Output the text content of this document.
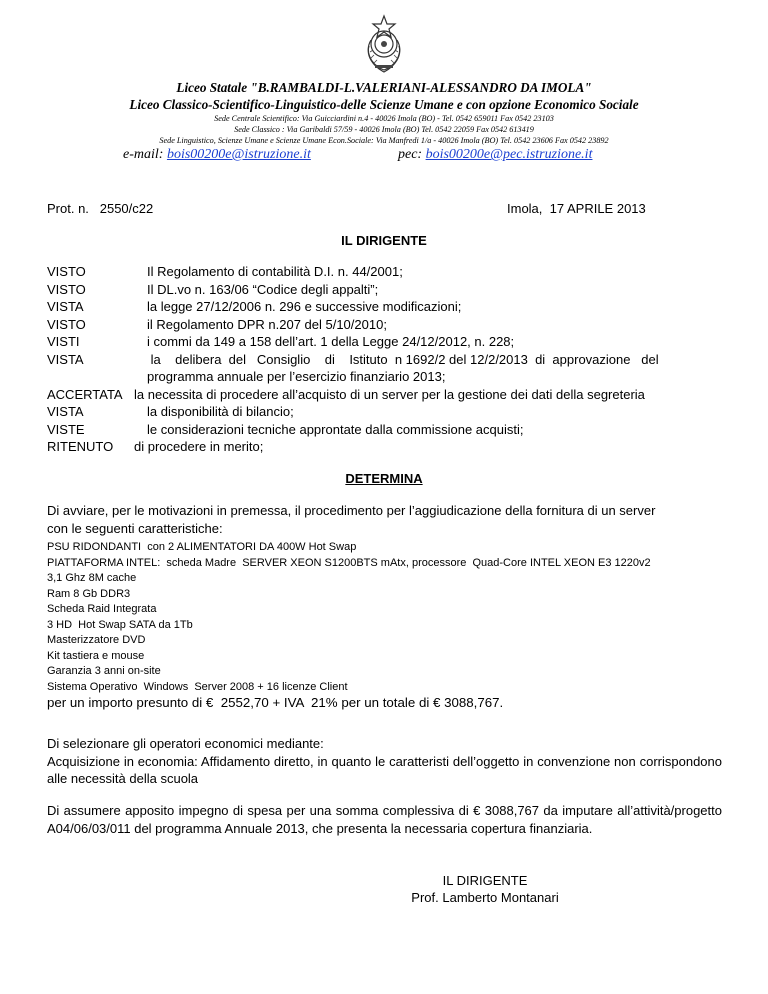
Liceo Statale "B.RAMBALDI-L.VALERIANI-ALESSANDRO DA IMOLA"
Liceo Classico-Scientifico-Linguistico-delle Scienze Umane e con opzione Economico Sociale
Sede Centrale Scientifico: Via Guicciardini n.4 - 40026 Imola (BO) - Tel. 0542 659011 Fax 0542 23103
Sede Classico : Via Garibaldi 57/59 - 40026 Imola (BO) Tel. 0542 22059 Fax 0542 613419
Sede Linguistico, Scienze Umane e Scienze Umane Econ.Sociale: Via Manfredi 1/a - 40026 Imola (BO) Tel. 0542 23606 Fax 0542 23892
e-mail: bois00200e@istruzione.it	pec: bois00200e@pec.istruzione.it
Prot. n.   2550/c22	Imola,  17 APRILE 2013
IL DIRIGENTE
VISTO	Il Regolamento di contabilità D.I. n. 44/2001;
VISTO	Il DL.vo n. 163/06 “Codice degli appalti”;
VISTA	la legge 27/12/2006 n. 296 e successive modificazioni;
VISTO	il Regolamento DPR n.207 del 5/10/2010;
VISTI	i commi da 149 a 158 dell’art. 1 della Legge 24/12/2012, n. 228;
VISTA	la    delibera  del   Consiglio    di    Istituto  n 1692/2 del 12/2/2013  di  approvazione   del
programma annuale per l’esercizio finanziario 2013;
ACCERTATA la necessita di procedere all’acquisto di un server per la gestione dei dati della segreteria
VISTA	la disponibilità di bilancio;
VISTE	le considerazioni tecniche approntate dalla commissione acquisti;
RITENUTO di procedere in merito;
DETERMINA
Di avviare, per le motivazioni in premessa, il procedimento per l’aggiudicazione della fornitura di un server
con le seguenti caratteristiche:
PSU RIDONDANTI  con 2 ALIMENTATORI DA 400W Hot Swap
PIATTAFORMA INTEL:  scheda Madre  SERVER XEON S1200BTS mAtx, processore  Quad-Core INTEL XEON E3 1220v2
3,1 Ghz 8M cache
Ram 8 Gb DDR3
Scheda Raid Integrata
3 HD  Hot Swap SATA da 1Tb
Masterizzatore DVD
Kit tastiera e mouse
Garanzia 3 anni on-site
Sistema Operativo  Windows  Server 2008 + 16 licenze Client
per un importo presunto di €  2552,70 + IVA  21% per un totale di € 3088,767.
Di selezionare gli operatori economici mediante:
Acquisizione in economia: Affidamento diretto, in quanto le caratteristi dell’oggetto in convenzione non corrispondono alle necessità della scuola
Di assumere apposito impegno di spesa per una somma complessiva di € 3088,767 da imputare all’attività/progetto A04/06/03/011 del programma Annuale 2013, che presenta la necessaria copertura finanziaria.
IL DIRIGENTE
Prof. Lamberto Montanari
